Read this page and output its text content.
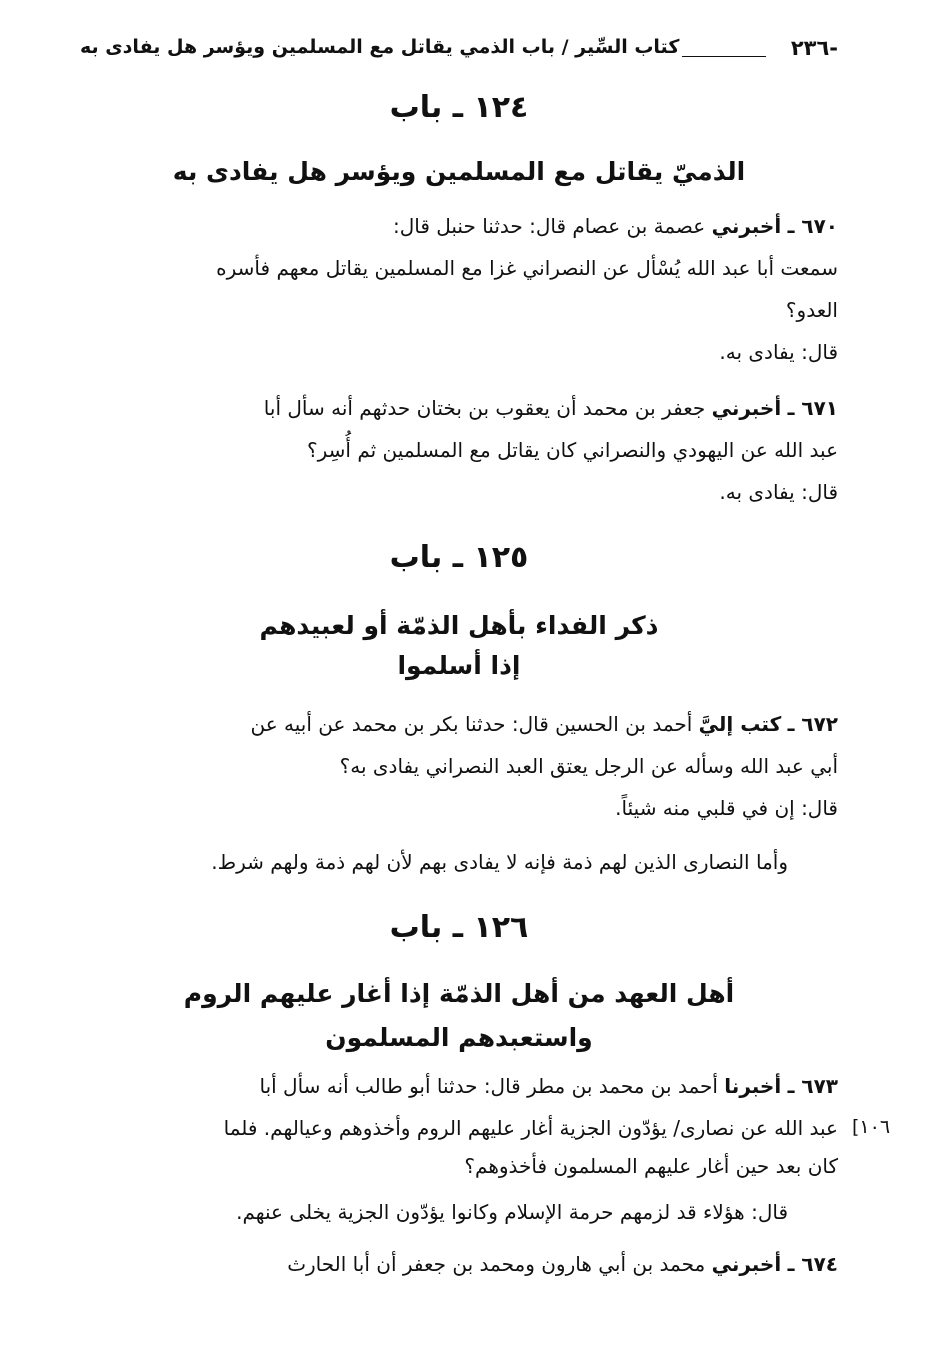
-٢٣٦
كتاب السِّير / باب الذمي يقاتل مع المسلمين ويؤسر هل يفادى به
١٢٤ ـ باب
الذميّ يقاتل مع المسلمين ويؤسر هل يفادى به
٦٧٠ ـ أخبرني عصمة بن عصام قال: حدثنا حنبل قال:
سمعت أبا عبد الله يُسْأل عن النصراني غزا مع المسلمين يقاتل معهم فأسره
العدو؟
قال: يفادى به.
٦٧١ ـ أخبرني جعفر بن محمد أن يعقوب بن بختان حدثهم أنه سأل أبا
عبد الله عن اليهودي والنصراني كان يقاتل مع المسلمين ثم أُسِر؟
قال: يفادى به.
١٢٥ ـ باب
ذكر الفداء بأهل الذمّة أو لعبيدهم
إذا أسلموا
٦٧٢ ـ كتب إليَّ أحمد بن الحسين قال: حدثنا بكر بن محمد عن أبيه عن
أبي عبد الله وسأله عن الرجل يعتق العبد النصراني يفادى به؟
قال: إن في قلبي منه شيئاً.
وأما النصارى الذين لهم ذمة فإنه لا يفادى بهم لأن لهم ذمة ولهم شرط.
١٢٦ ـ باب
أهل العهد من أهل الذمّة إذا أغار عليهم الروم
واستعبدهم المسلمون
٦٧٣ ـ أخبرنا أحمد بن محمد بن مطر قال: حدثنا أبو طالب أنه سأل أبا
عبد الله عن نصارى/ يؤدّون الجزية أغار عليهم الروم وأخذوهم وعيالهم. فلما [١٠٦
كان بعد حين أغار عليهم المسلمون فأخذوهم؟
قال: هؤلاء قد لزمهم حرمة الإسلام وكانوا يؤدّون الجزية يخلى عنهم.
٦٧٤ ـ أخبرني محمد بن أبي هارون ومحمد بن جعفر أن أبا الحارث
